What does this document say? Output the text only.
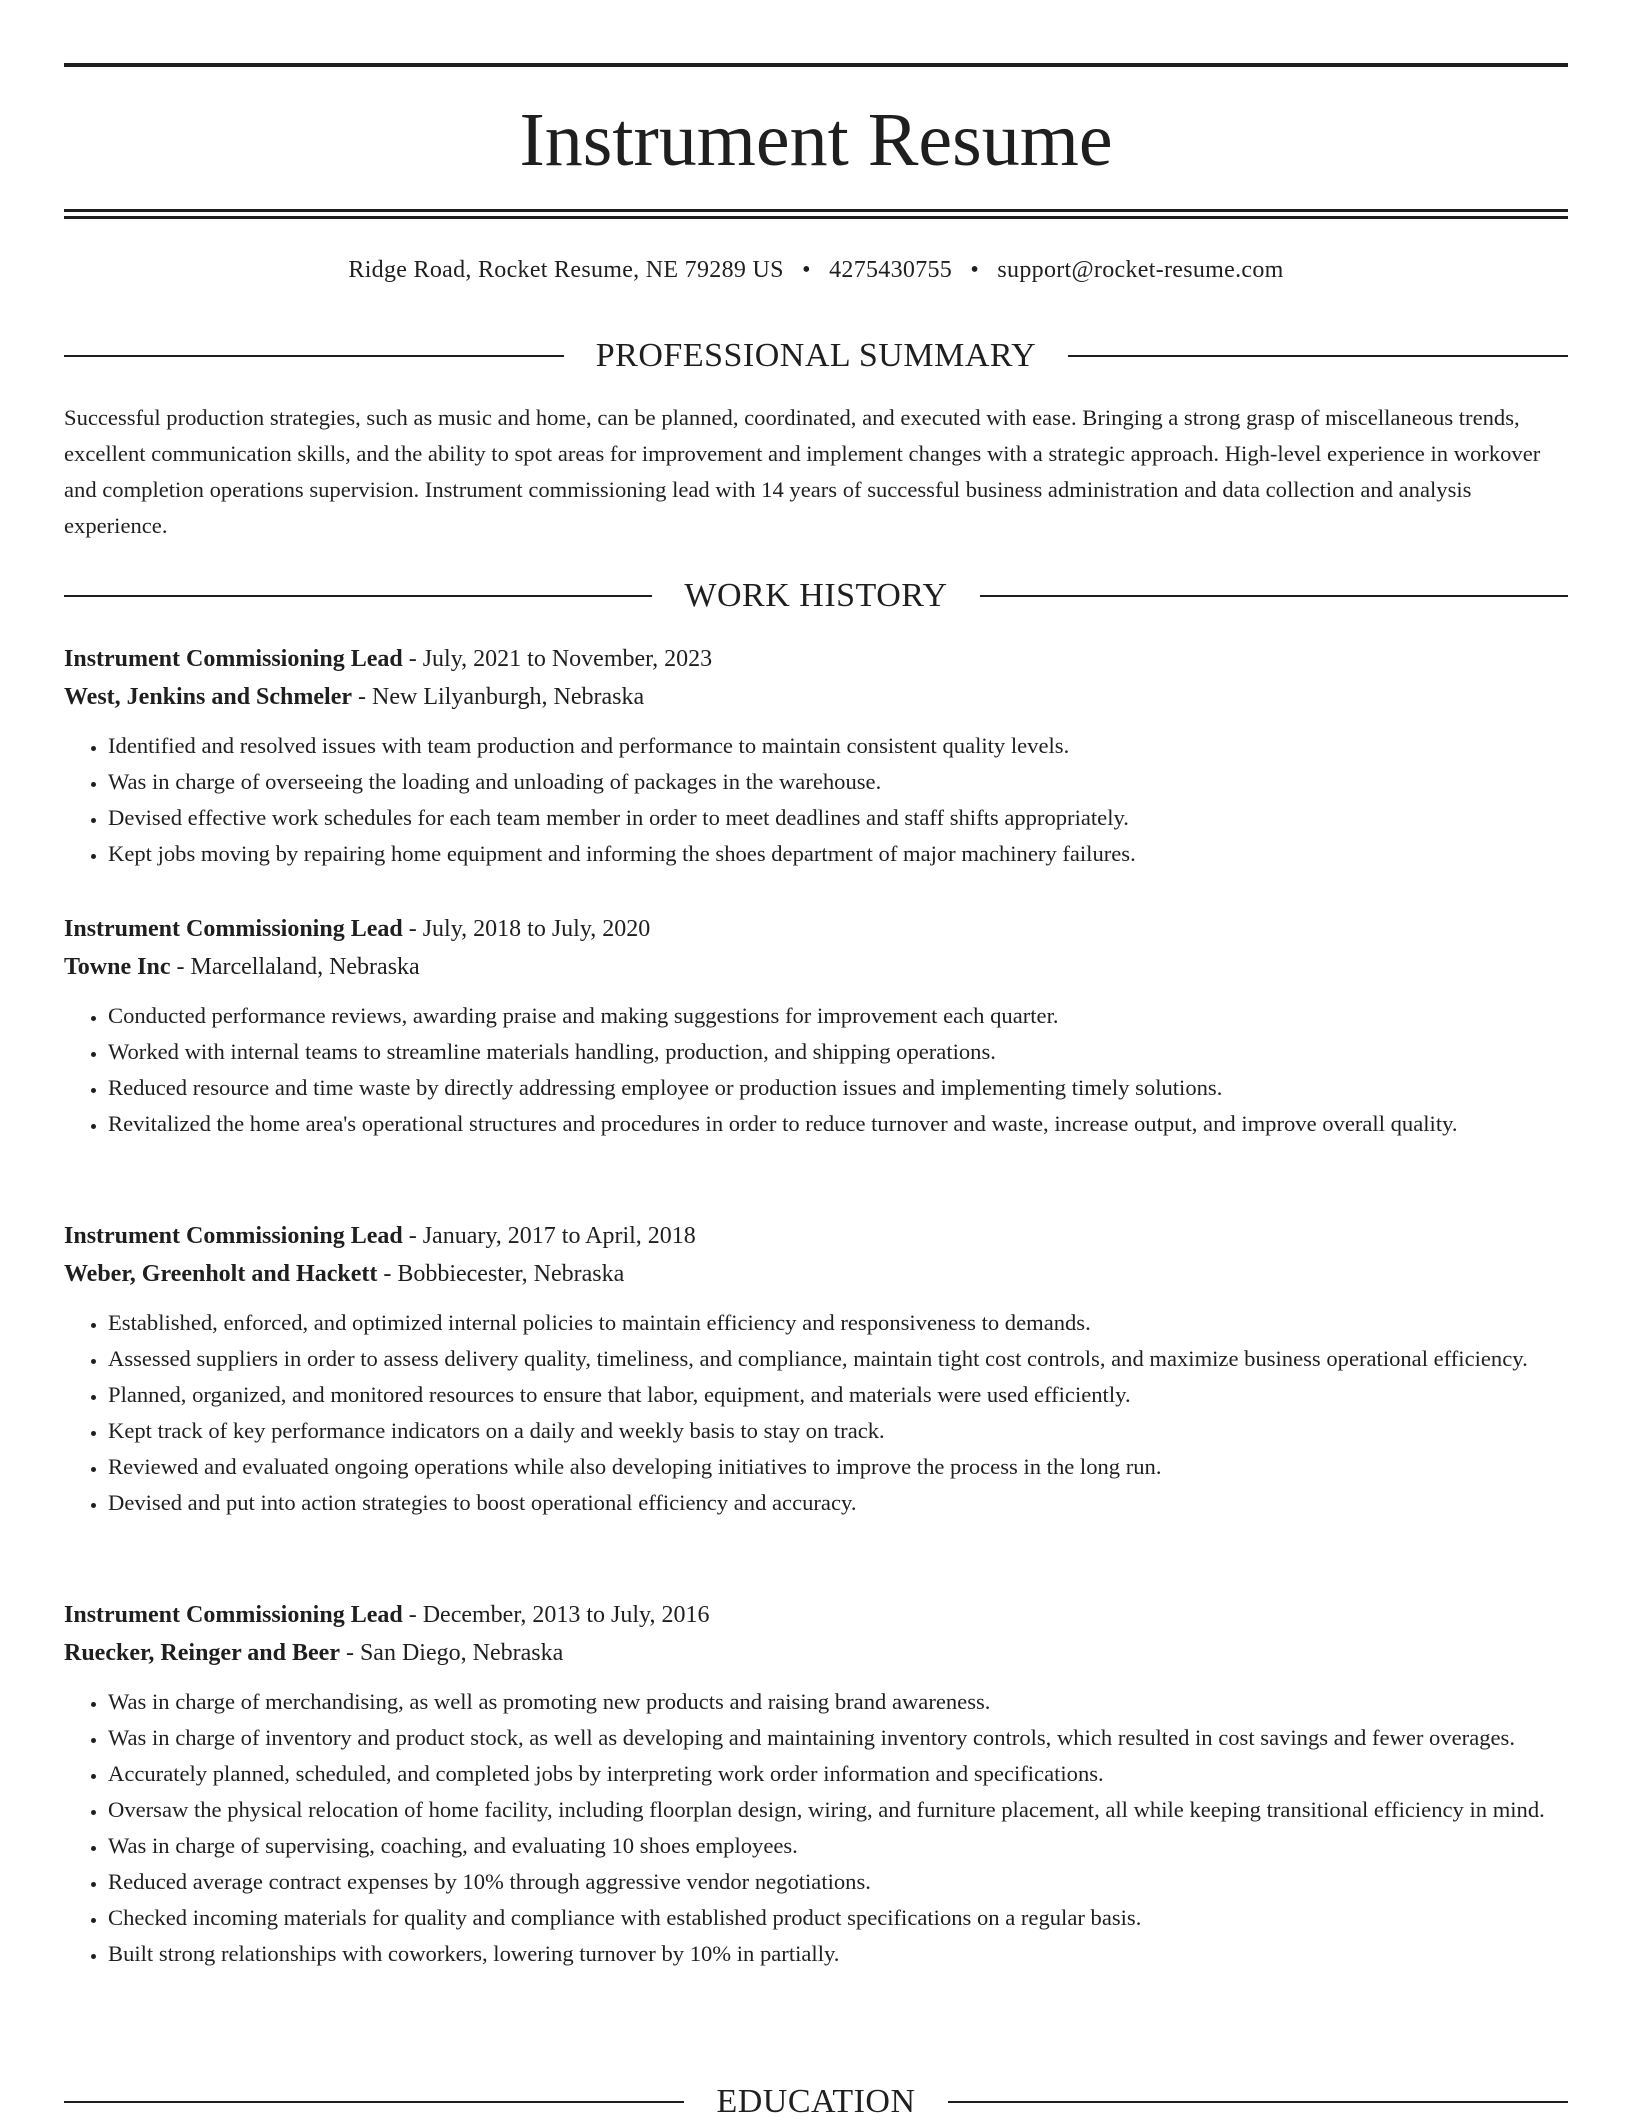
Instrument Resume
Ridge Road, Rocket Resume, NE 79289 US • 4275430755 • support@rocket-resume.com
PROFESSIONAL SUMMARY

Successful production strategies, such as music and home, can be planned, coordinated, and executed with ease. Bringing a strong grasp of miscellaneous trends, excellent communication skills, and the ability to spot areas for improvement and implement changes with a strategic approach. High-level experience in workover and completion operations supervision. Instrument commissioning lead with 14 years of successful business administration and data collection and analysis experience.

WORK HISTORY
Instrument Commissioning Lead - July, 2021 to November, 2023
West, Jenkins and Schmeler - New Lilyanburgh, Nebraska
• Identified and resolved issues with team production and performance to maintain consistent quality levels.
• Was in charge of overseeing the loading and unloading of packages in the warehouse.
• Devised effective work schedules for each team member in order to meet deadlines and staff shifts appropriately.
• Kept jobs moving by repairing home equipment and informing the shoes department of major machinery failures.
Instrument Commissioning Lead - July, 2018 to July, 2020
Towne Inc - Marcellaland, Nebraska
• Conducted performance reviews, awarding praise and making suggestions for improvement each quarter.
• Worked with internal teams to streamline materials handling, production, and shipping operations.
• Reduced resource and time waste by directly addressing employee or production issues and implementing timely solutions.
• Revitalized the home area's operational structures and procedures in order to reduce turnover and waste, increase output, and improve overall quality.
Instrument Commissioning Lead - January, 2017 to April, 2018
Weber, Greenholt and Hackett - Bobbiecester, Nebraska
• Established, enforced, and optimized internal policies to maintain efficiency and responsiveness to demands.
• Assessed suppliers in order to assess delivery quality, timeliness, and compliance, maintain tight cost controls, and maximize business operational efficiency.
• Planned, organized, and monitored resources to ensure that labor, equipment, and materials were used efficiently.
• Kept track of key performance indicators on a daily and weekly basis to stay on track.
• Reviewed and evaluated ongoing operations while also developing initiatives to improve the process in the long run.
• Devised and put into action strategies to boost operational efficiency and accuracy.
Instrument Commissioning Lead - December, 2013 to July, 2016
Ruecker, Reinger and Beer - San Diego, Nebraska
• Was in charge of merchandising, as well as promoting new products and raising brand awareness.
• Was in charge of inventory and product stock, as well as developing and maintaining inventory controls, which resulted in cost savings and fewer overages.
• Accurately planned, scheduled, and completed jobs by interpreting work order information and specifications.
• Oversaw the physical relocation of home facility, including floorplan design, wiring, and furniture placement, all while keeping transitional efficiency in mind.
• Was in charge of supervising, coaching, and evaluating 10 shoes employees.
• Reduced average contract expenses by 10% through aggressive vendor negotiations.
• Checked incoming materials for quality and compliance with established product specifications on a regular basis.
• Built strong relationships with coworkers, lowering turnover by 10% in partially.
EDUCATION
